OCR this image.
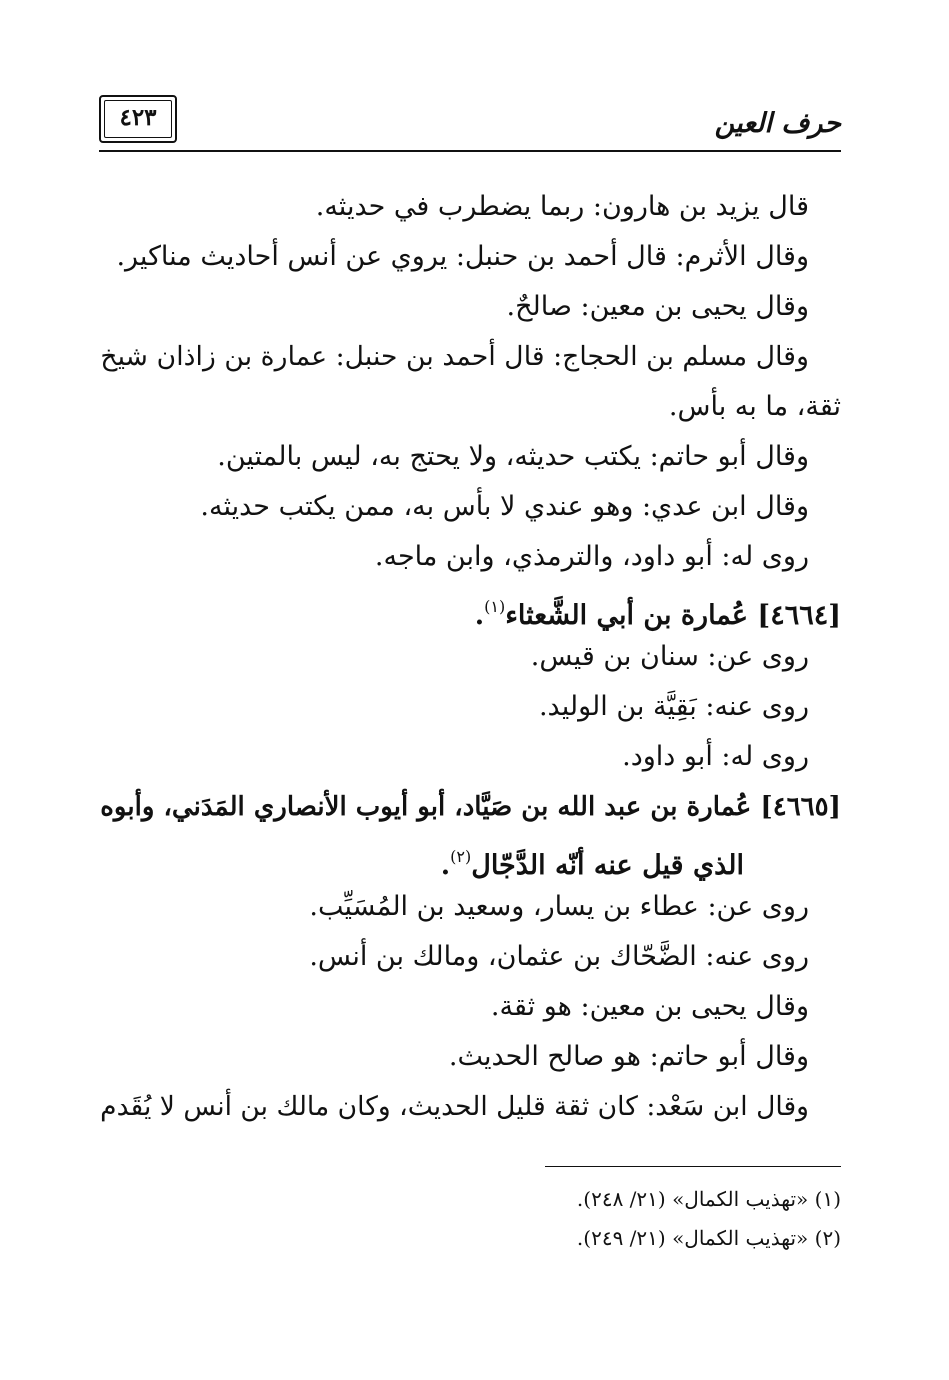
حرف العين
٤٢٣
قال يزيد بن هارون: ربما يضطرب في حديثه.
وقال الأثرم: قال أحمد بن حنبل: يروي عن أنس أحاديث مناكير.
وقال يحيى بن معين: صالحٌ.
وقال مسلم بن الحجاج: قال أحمد بن حنبل: عمارة بن زاذان شيخ
ثقة، ما به بأس.
وقال أبو حاتم: يكتب حديثه، ولا يحتج به، ليس بالمتين.
وقال ابن عدي: وهو عندي لا بأس به، ممن يكتب حديثه.
روى له: أبو داود، والترمذي، وابن ماجه.
[٤٦٦٤] عُمارة بن أبي الشَّعثاء$^{(١)}$.
روى عن: سنان بن قيس.
روى عنه: بَقِيَّة بن الوليد.
روى له: أبو داود.
[٤٦٦٥] عُمارة بن عبد الله بن صَيَّاد، أبو أيوب الأنصاري المَدَني، وأبوه
الذي قيل عنه أنّه الدَّجّال$^{(٢)}$.
روى عن: عطاء بن يسار، وسعيد بن المُسَيِّب.
روى عنه: الضَّحّاك بن عثمان، ومالك بن أنس.
وقال يحيى بن معين: هو ثقة.
وقال أبو حاتم: هو صالح الحديث.
وقال ابن سَعْد: كان ثقة قليل الحديث، وكان مالك بن أنس لا يُقَدم
(١) «تهذيب الكمال» (٢١/ ٢٤٨).
(٢) «تهذيب الكمال» (٢١/ ٢٤٩).
